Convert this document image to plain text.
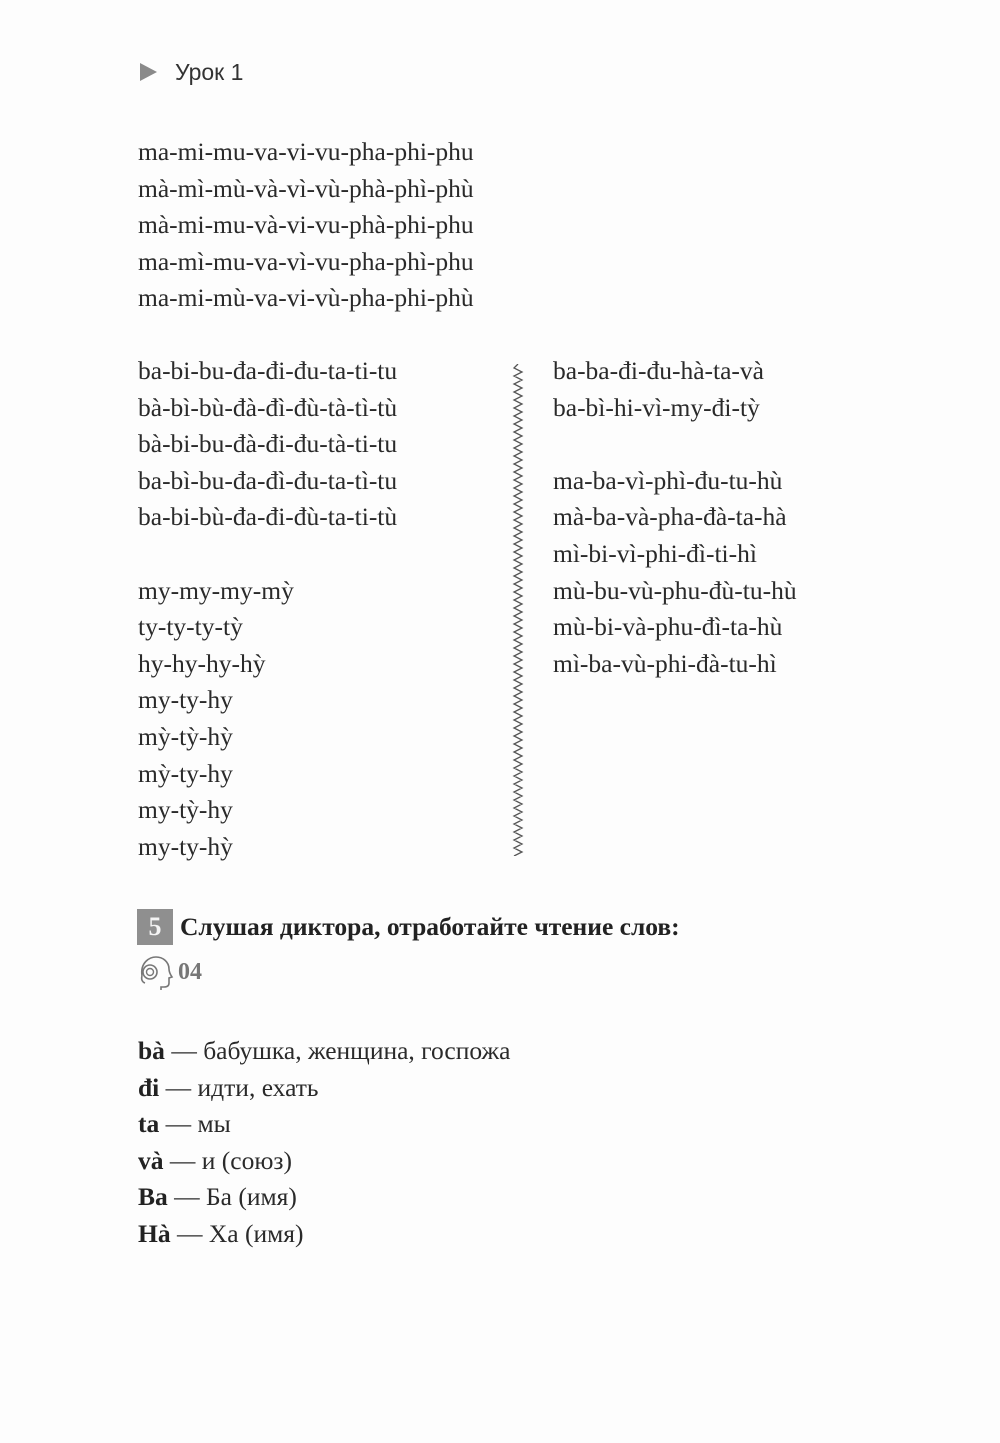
Урок 1
ma-mi-mu-va-vi-vu-pha-phi-phu
mà-mì-mù-và-vì-vù-phà-phì-phù
mà-mi-mu-và-vi-vu-phà-phi-phu
ma-mì-mu-va-vì-vu-pha-phì-phu
ma-mi-mù-va-vi-vù-pha-phi-phù
ba-bi-bu-đa-đi-đu-ta-ti-tu
bà-bì-bù-đà-đì-đù-tà-tì-tù
bà-bi-bu-đà-đi-đu-tà-ti-tu
ba-bì-bu-đa-đì-đu-ta-tì-tu
ba-bi-bù-đa-đi-đù-ta-ti-tù
my-my-my-mỳ
ty-ty-ty-tỳ
hy-hy-hy-hỳ
my-ty-hy
mỳ-tỳ-hỳ
mỳ-ty-hy
my-tỳ-hy
my-ty-hỳ
ba-ba-đi-đu-hà-ta-và
ba-bì-hi-vì-my-đi-tỳ
ma-ba-vì-phì-đu-tu-hù
mà-ba-và-pha-đà-ta-hà
mì-bi-vì-phi-đì-ti-hì
mù-bu-vù-phu-đù-tu-hù
mù-bi-và-phu-đì-ta-hù
mì-ba-vù-phi-đà-tu-hì
5 Слушая диктора, отработайте чтение слов:
04
bà — бабушка, женщина, госпожа
đi — идти, ехать
ta — мы
và — и (союз)
Ba — Ба (имя)
Hà — Ха (имя)
